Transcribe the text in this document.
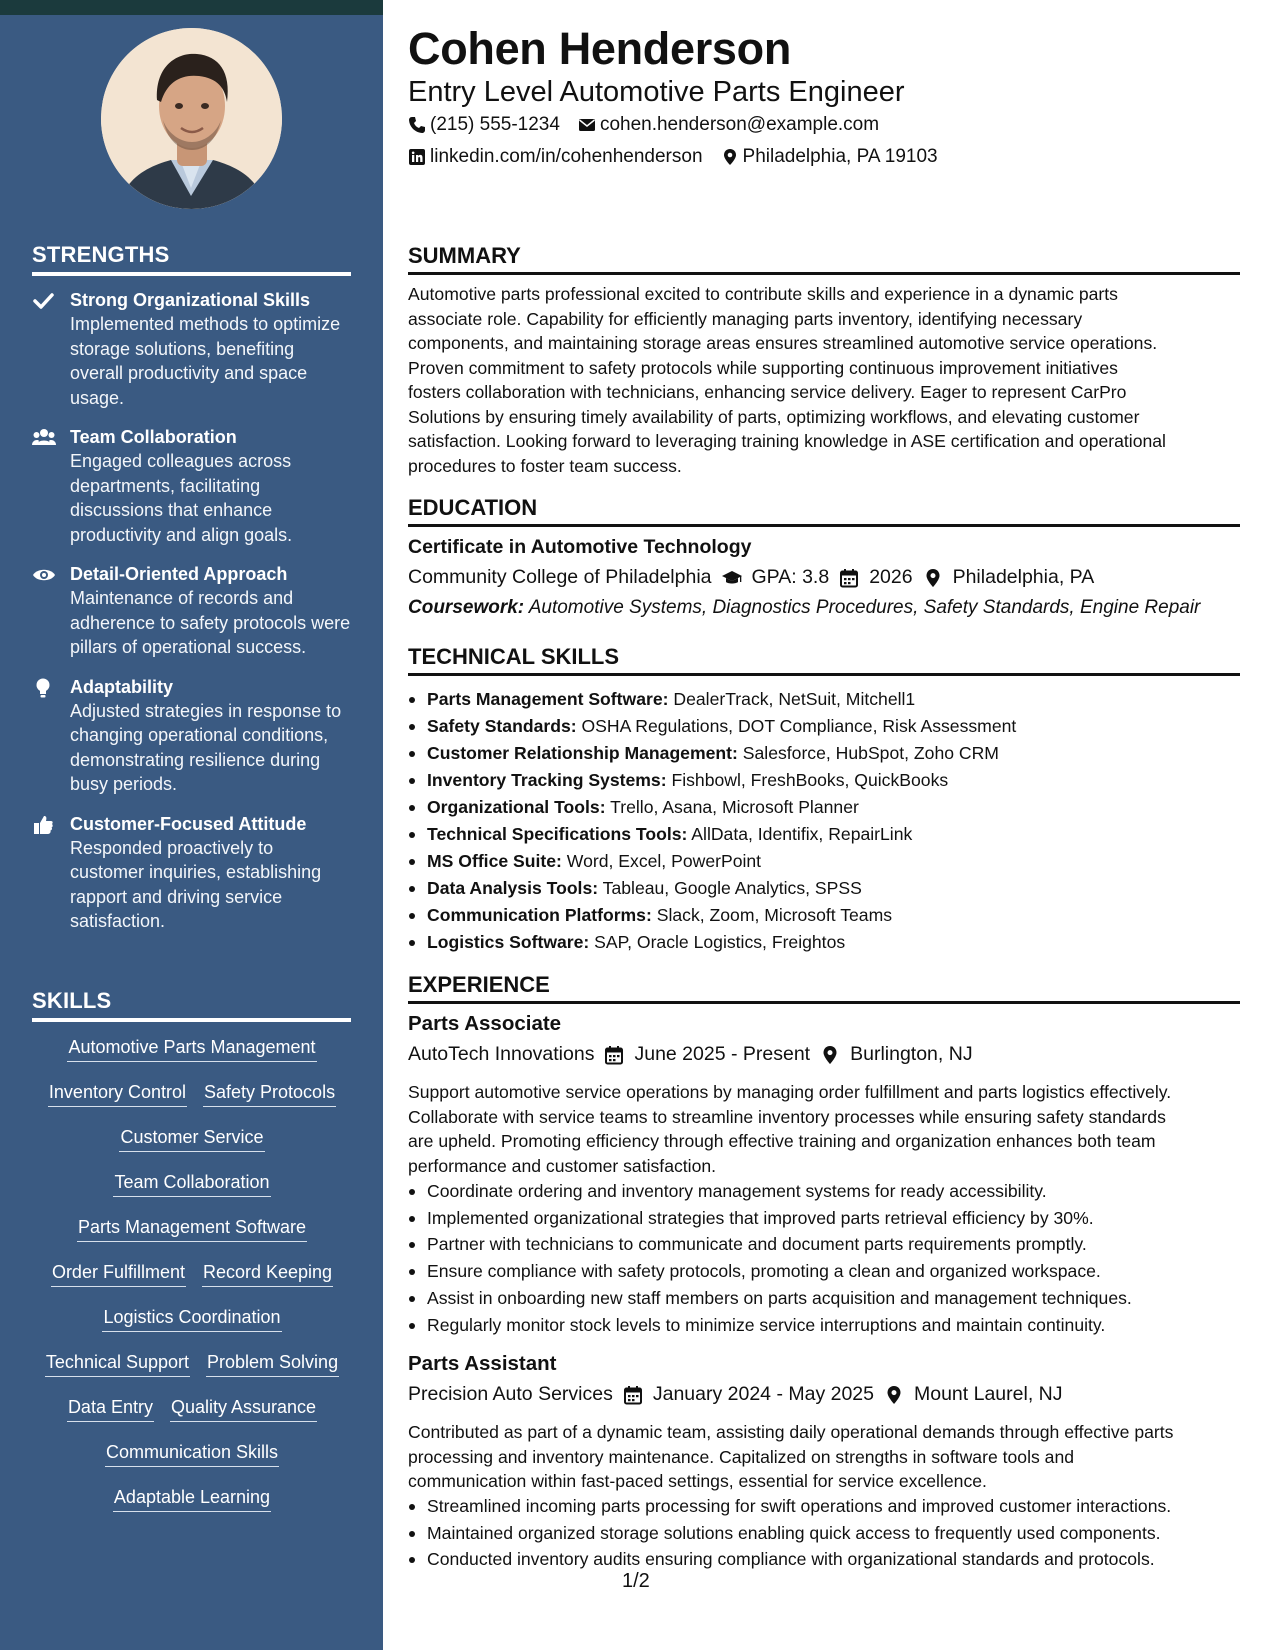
STRENGTHS
Strong Organizational Skills
Implemented methods to optimize storage solutions, benefiting overall productivity and space usage.
Team Collaboration
Engaged colleagues across departments, facilitating discussions that enhance productivity and align goals.
Detail-Oriented Approach
Maintenance of records and adherence to safety protocols were pillars of operational success.
Adaptability
Adjusted strategies in response to changing operational conditions, demonstrating resilience during busy periods.
Customer-Focused Attitude
Responded proactively to customer inquiries, establishing rapport and driving service satisfaction.
SKILLS
Automotive Parts Management
Inventory Control Safety Protocols
Customer Service
Team Collaboration
Parts Management Software
Order Fulfillment Record Keeping
Logistics Coordination
Technical Support Problem Solving
Data Entry Quality Assurance
Communication Skills
Adaptable Learning
Cohen Henderson
Entry Level Automotive Parts Engineer
(215) 555-1234 cohen.henderson@example.com
linkedin.com/in/cohenhenderson Philadelphia, PA 19103
SUMMARY
Automotive parts professional excited to contribute skills and experience in a dynamic parts
associate role. Capability for efficiently managing parts inventory, identifying necessary
components, and maintaining storage areas ensures streamlined automotive service operations.
Proven commitment to safety protocols while supporting continuous improvement initiatives
fosters collaboration with technicians, enhancing service delivery. Eager to represent CarPro
Solutions by ensuring timely availability of parts, optimizing workflows, and elevating customer
satisfaction. Looking forward to leveraging training knowledge in ASE certification and operational
procedures to foster team success.
EDUCATION
Certificate in Automotive Technology
Community College of Philadelphia GPA: 3.8 2026 Philadelphia, PA
Coursework: Automotive Systems, Diagnostics Procedures, Safety Standards, Engine Repair
TECHNICAL SKILLS
Parts Management Software: DealerTrack, NetSuit, Mitchell1
Safety Standards: OSHA Regulations, DOT Compliance, Risk Assessment
Customer Relationship Management: Salesforce, HubSpot, Zoho CRM
Inventory Tracking Systems: Fishbowl, FreshBooks, QuickBooks
Organizational Tools: Trello, Asana, Microsoft Planner
Technical Specifications Tools: AllData, Identifix, RepairLink
MS Office Suite: Word, Excel, PowerPoint
Data Analysis Tools: Tableau, Google Analytics, SPSS
Communication Platforms: Slack, Zoom, Microsoft Teams
Logistics Software: SAP, Oracle Logistics, Freightos
EXPERIENCE
Parts Associate
AutoTech Innovations June 2025 - Present Burlington, NJ
Support automotive service operations by managing order fulfillment and parts logistics effectively.
Collaborate with service teams to streamline inventory processes while ensuring safety standards
are upheld. Promoting efficiency through effective training and organization enhances both team
performance and customer satisfaction.
Coordinate ordering and inventory management systems for ready accessibility.
Implemented organizational strategies that improved parts retrieval efficiency by 30%.
Partner with technicians to communicate and document parts requirements promptly.
Ensure compliance with safety protocols, promoting a clean and organized workspace.
Assist in onboarding new staff members on parts acquisition and management techniques.
Regularly monitor stock levels to minimize service interruptions and maintain continuity.
Parts Assistant
Precision Auto Services January 2024 - May 2025 Mount Laurel, NJ
Contributed as part of a dynamic team, assisting daily operational demands through effective parts
processing and inventory maintenance. Capitalized on strengths in software tools and
communication within fast-paced settings, essential for service excellence.
Streamlined incoming parts processing for swift operations and improved customer interactions.
Maintained organized storage solutions enabling quick access to frequently used components.
Conducted inventory audits ensuring compliance with organizational standards and protocols.
1/2
